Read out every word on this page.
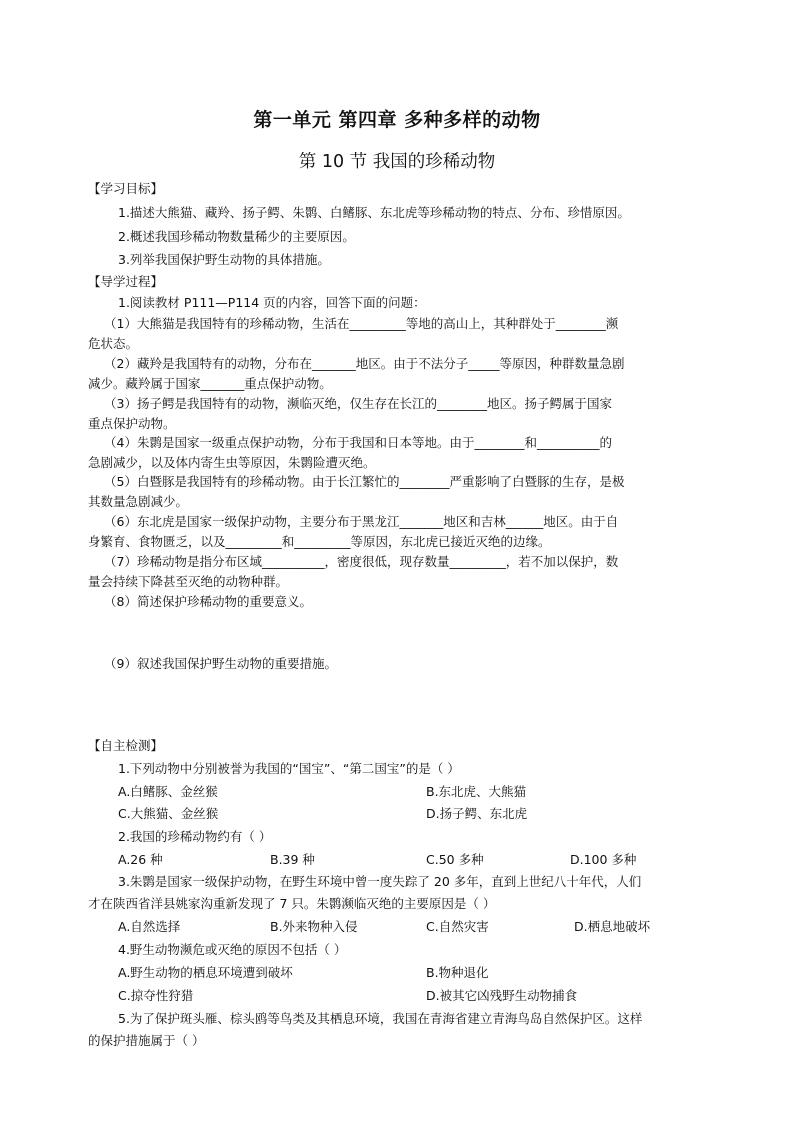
第一单元 第四章 多种多样的动物
第 10 节 我国的珍稀动物
【学习目标】
1.描述大熊猫、藏羚、扬子鳄、朱鹮、白鳍豚、东北虎等珍稀动物的特点、分布、珍惜原因。
2.概述我国珍稀动物数量稀少的主要原因。
3.列举我国保护野生动物的具体措施。
【导学过程】
1.阅读教材 P111—P114 页的内容，回答下面的问题：
（1）大熊猫是我国特有的珍稀动物，生活在_________等地的高山上，其种群处于________濒
危状态。
（2）藏羚是我国特有的动物，分布在_______地区。由于不法分子_____等原因，种群数量急剧
减少。藏羚属于国家_______重点保护动物。
（3）扬子鳄是我国特有的动物，濒临灭绝，仅生存在长江的________地区。扬子鳄属于国家
重点保护动物。
（4）朱鹮是国家一级重点保护动物，分布于我国和日本等地。由于________和__________的
急剧减少，以及体内寄生虫等原因，朱鹮险遭灭绝。
（5）白暨豚是我国特有的珍稀动物。由于长江繁忙的________严重影响了白暨豚的生存，是极
其数量急剧减少。
（6）东北虎是国家一级保护动物，主要分布于黑龙江_______地区和吉林______地区。由于自
身繁育、食物匮乏，以及_________和_________等原因，东北虎已接近灭绝的边缘。
（7）珍稀动物是指分布区域__________，密度很低，现存数量_________，若不加以保护，数
量会持续下降甚至灭绝的动物种群。
（8）简述保护珍稀动物的重要意义。
（9）叙述我国保护野生动物的重要措施。
【自主检测】
1.下列动物中分别被誉为我国的“国宝”、“第二国宝”的是（ ）
A.白鳍豚、金丝猴	B.东北虎、大熊猫
C.大熊猫、金丝猴	D.扬子鳄、东北虎
2.我国的珍稀动物约有（ ）
A.26 种	B.39 种	C.50 多种	D.100 多种
3.朱鹮是国家一级保护动物，在野生环境中曾一度失踪了 20 多年，直到上世纪八十年代，人们
才在陕西省洋县姚家沟重新发现了 7 只。朱鹮濒临灭绝的主要原因是（ ）
A.自然选择	B.外来物种入侵	C.自然灾害	D.栖息地破坏
4.野生动物濒危或灭绝的原因不包括（ ）
A.野生动物的栖息环境遭到破坏	B.物种退化
C.掠夺性狩猎	D.被其它凶残野生动物捕食
5.为了保护斑头雁、棕头鸥等鸟类及其栖息环境，我国在青海省建立青海鸟岛自然保护区。这样
的保护措施属于（ ）
